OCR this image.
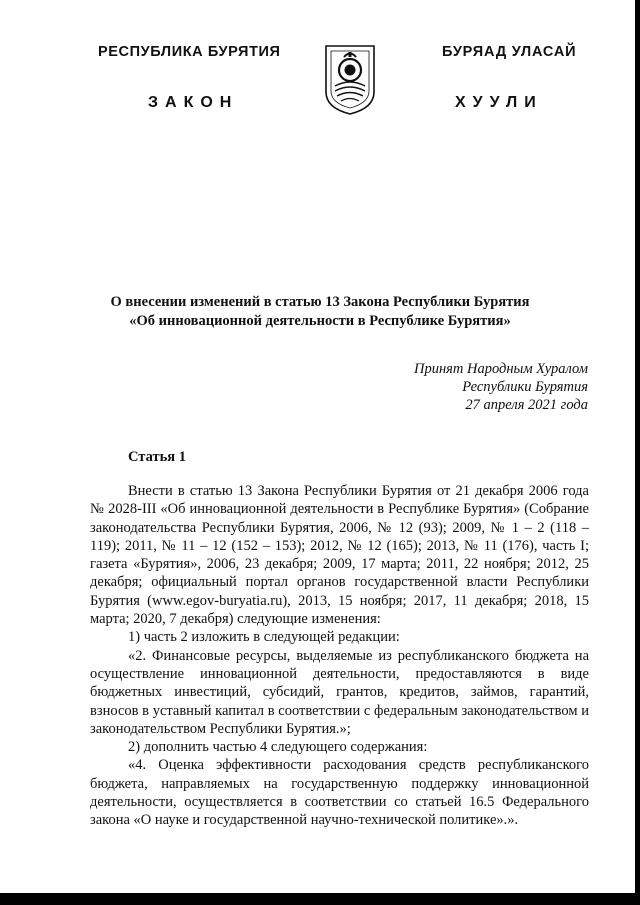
РЕСПУБЛИКА БУРЯТИЯ	БУРЯАД УЛАСАЙ
ЗАКОН	ХУУЛИ
О внесении изменений в статью 13 Закона Республики Бурятия
«Об инновационной деятельности в Республике Бурятия»
Принят Народным Хуралом
Республики Бурятия
27 апреля 2021 года
Статья 1

Внести в статью 13 Закона Республики Бурятия от 21 декабря 2006 года № 2028-III «Об инновационной деятельности в Республике Бурятия» (Собрание законодательства Республики Бурятия, 2006, № 12 (93); 2009, № 1 – 2 (118 – 119); 2011, № 11 – 12 (152 – 153); 2012, № 12 (165); 2013, № 11 (176), часть I; газета «Бурятия», 2006, 23 декабря; 2009, 17 марта; 2011, 22 ноября; 2012, 25 декабря; официальный портал органов государственной власти Республики Бурятия (www.egov-buryatia.ru), 2013, 15 ноября; 2017, 11 декабря; 2018, 15 марта; 2020, 7 декабря) следующие изменения:

1) часть 2 изложить в следующей редакции:

«2. Финансовые ресурсы, выделяемые из республиканского бюджета на осуществление инновационной деятельности, предоставляются в виде бюджетных инвестиций, субсидий, грантов, кредитов, займов, гарантий, взносов в уставный капитал в соответствии с федеральным законодательством и законодательством Республики Бурятия.»;

2) дополнить частью 4 следующего содержания:

«4. Оценка эффективности расходования средств республиканского бюджета, направляемых на государственную поддержку инновационной деятельности, осуществляется в соответствии со статьей 16.5 Федерального закона «О науке и государственной научно-технической политике».».
